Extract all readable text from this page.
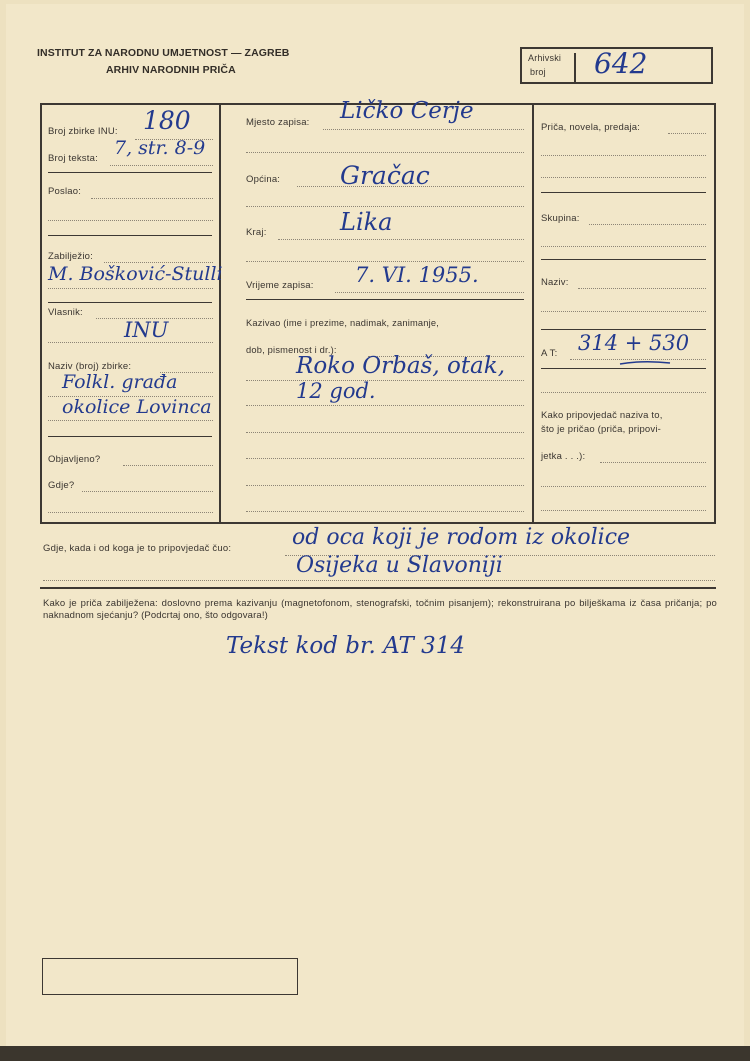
INSTITUT ZA NARODNU UMJETNOST — ZAGREB
ARHIV NARODNIH PRIČA
Arhivski
broj 642
Broj zbirke INU: 180
Broj teksta: 7, str. 8-9
Poslao:
Zabilježio:
M. Bošković-Stulli
Vlasnik:
INU
Naziv (broj) zbirke:
Folkl. građa
okolice Lovinca
Objavljeno?
Gdje?
Mjesto zapisa: Ličko Cerje
Općina: Gračac
Kraj:	Lika
Vrijeme zapisa: 7. VI. 1955.
Kazivao (ime i prezime, nadimak, zanimanje,
dob, pismenost i dr.):
Roko Orbaš, otak,
12 god.
Priča, novela, predaja:
Skupina:
Naziv:
A T: 314 + 530
Kako pripovjedač naziva to,
što je pričao (priča, pripovi-
jetka . . .):
Gdje, kada i od koga je to pripovjedač čuo:	od oca koji je rodom iz okolice
Osijeka u Slavoniji
Kako je priča zabilježena: doslovno prema kazivanju (magnetofonom, stenografski, točnim pisanjem); rekonstruirana po bilješkama iz časa pričanja; po naknadnom sjećanju? (Podcrtaj ono, što odgovara!)
Tekst kod br. AT 314
